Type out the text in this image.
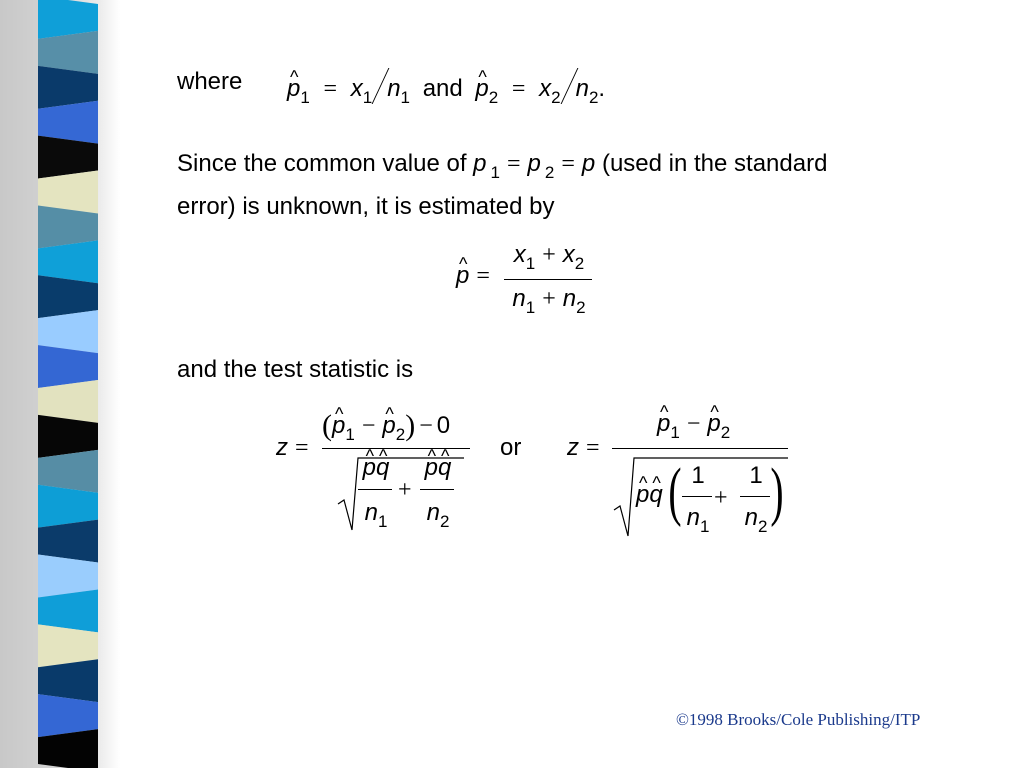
where ^ $p_1 = x_1$ $n_1$ and ^ $p_2 = x_2$ $n_2$.
Since the common value of p $_1$ = p $_2$ = p (used in the standard
error) is unknown, it is estimated by
^ p =
$x_1 + x_2$
$n_1 + n_2$
and the test statistic is
z =
(^ $p_1$ − ^ $p_2) - 0$
^ p^ q
$n_1$
+
^ p^ q
$n_2$
or z =
^ $p_1$ − ^ $p_2$
^ p^ q ( 1
$n_1$
+
1
$n_2$ )
©1998 Brooks/Cole Publishing/ITP
